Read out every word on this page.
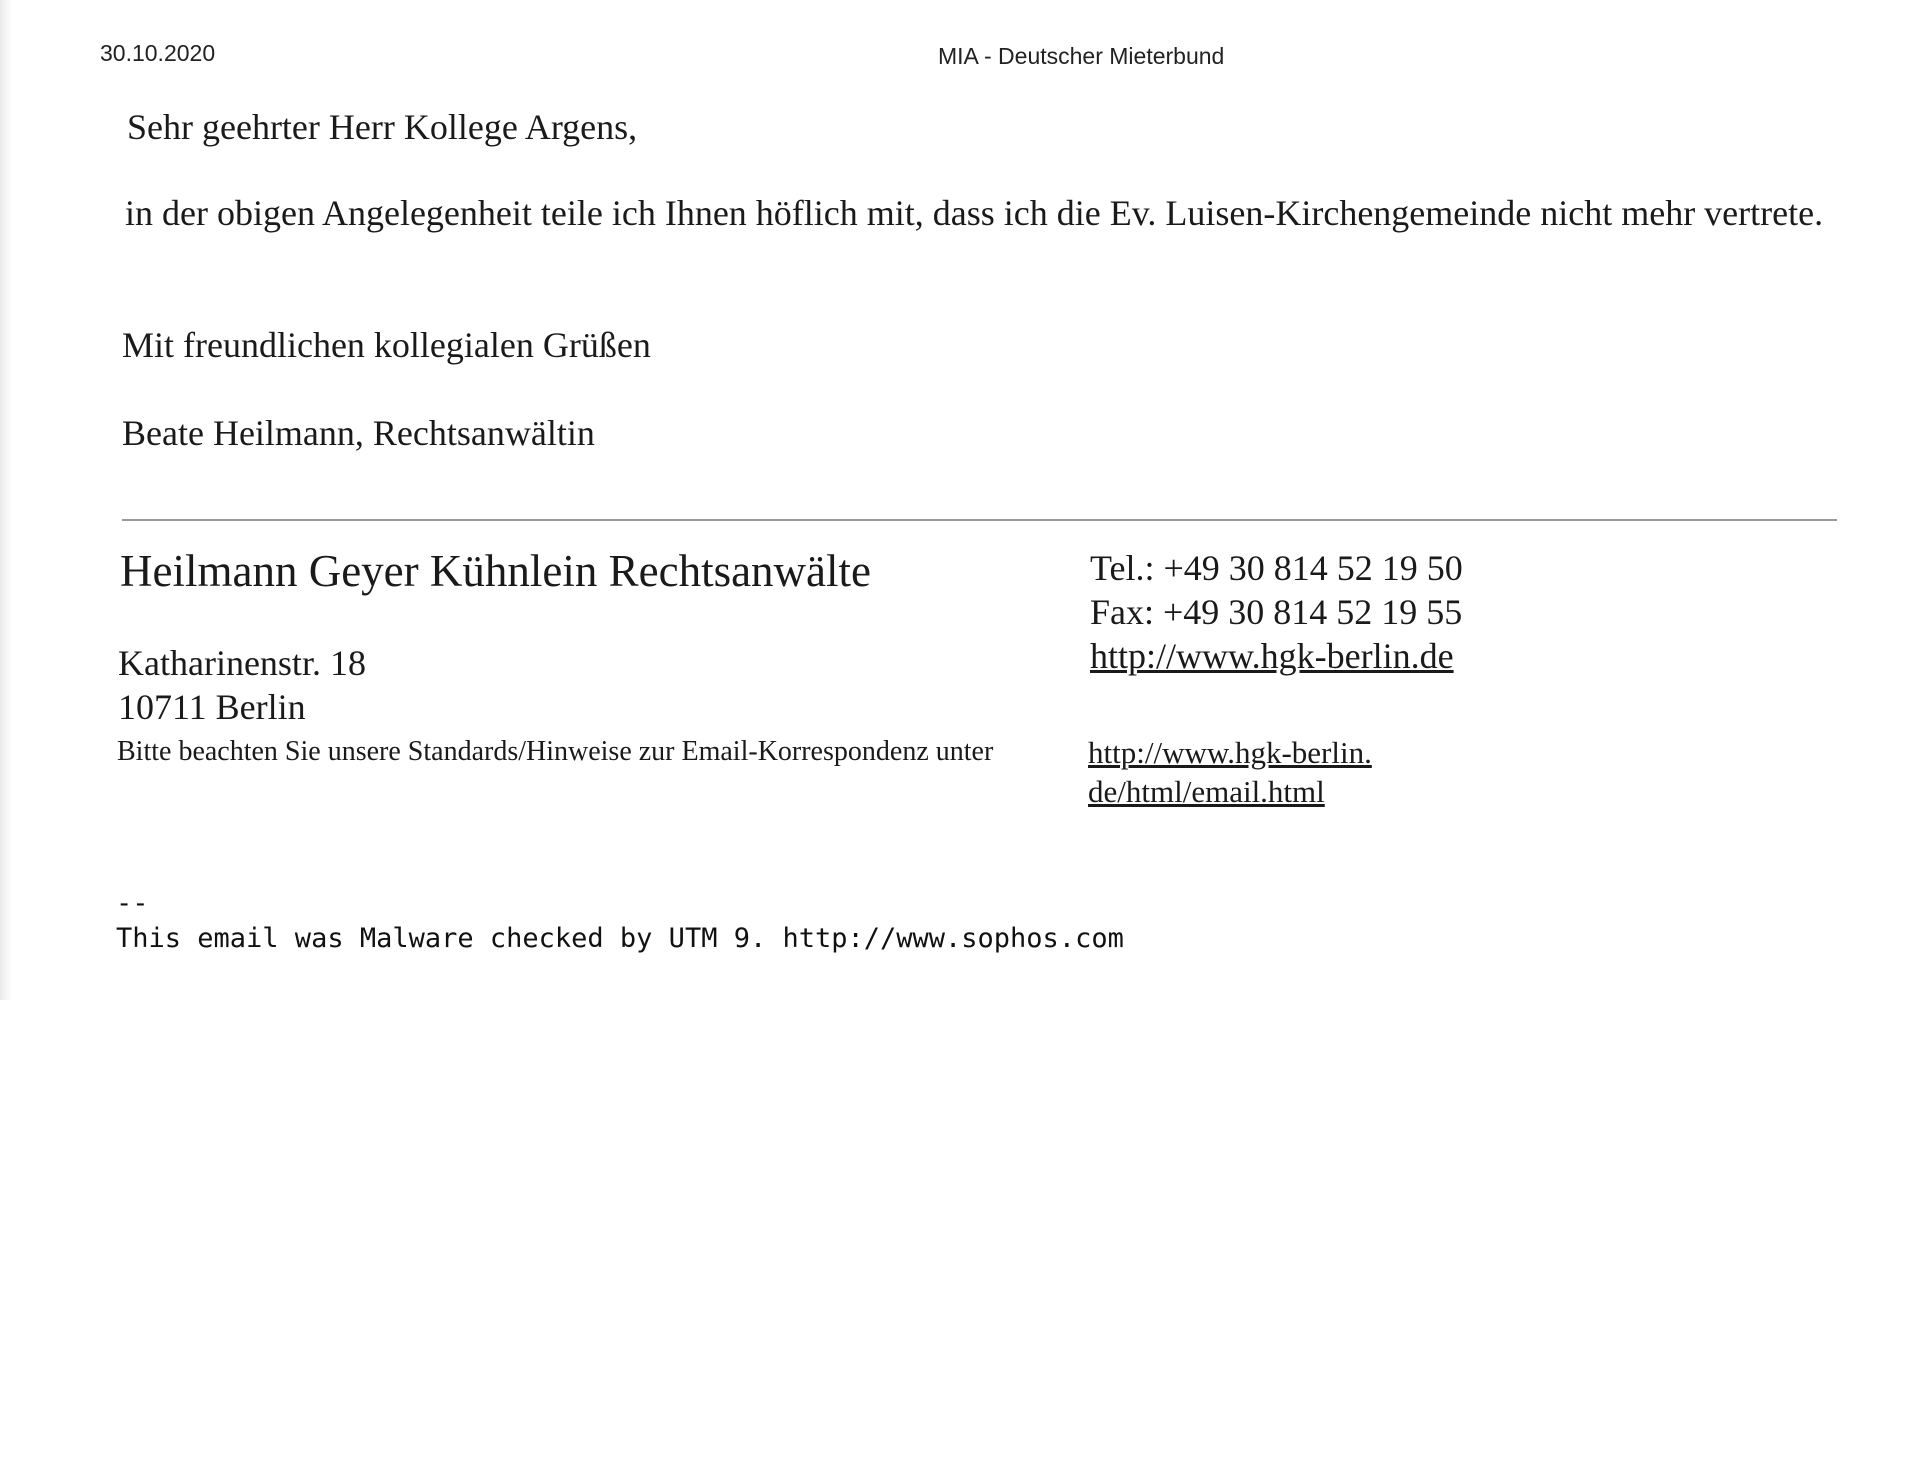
30.10.2020	MIA - Deutscher Mieterbund
Sehr geehrter Herr Kollege Argens,
in der obigen Angelegenheit teile ich Ihnen höflich mit, dass ich die Ev. Luisen-Kirchengemeinde nicht mehr vertrete.
Mit freundlichen kollegialen Grüßen
Beate Heilmann, Rechtsanwältin
Heilmann Geyer Kühnlein Rechtsanwälte
Katharinenstr. 18
10711 Berlin
Bitte beachten Sie unsere Standards/Hinweise zur Email-Korrespondenz unter
Tel.: +49 30 814 52 19 50
Fax: +49 30 814 52 19 55
http://www.hgk-berlin.de
http://www.hgk-berlin.de/html/email.html
--
This email was Malware checked by UTM 9. http://www.sophos.com
